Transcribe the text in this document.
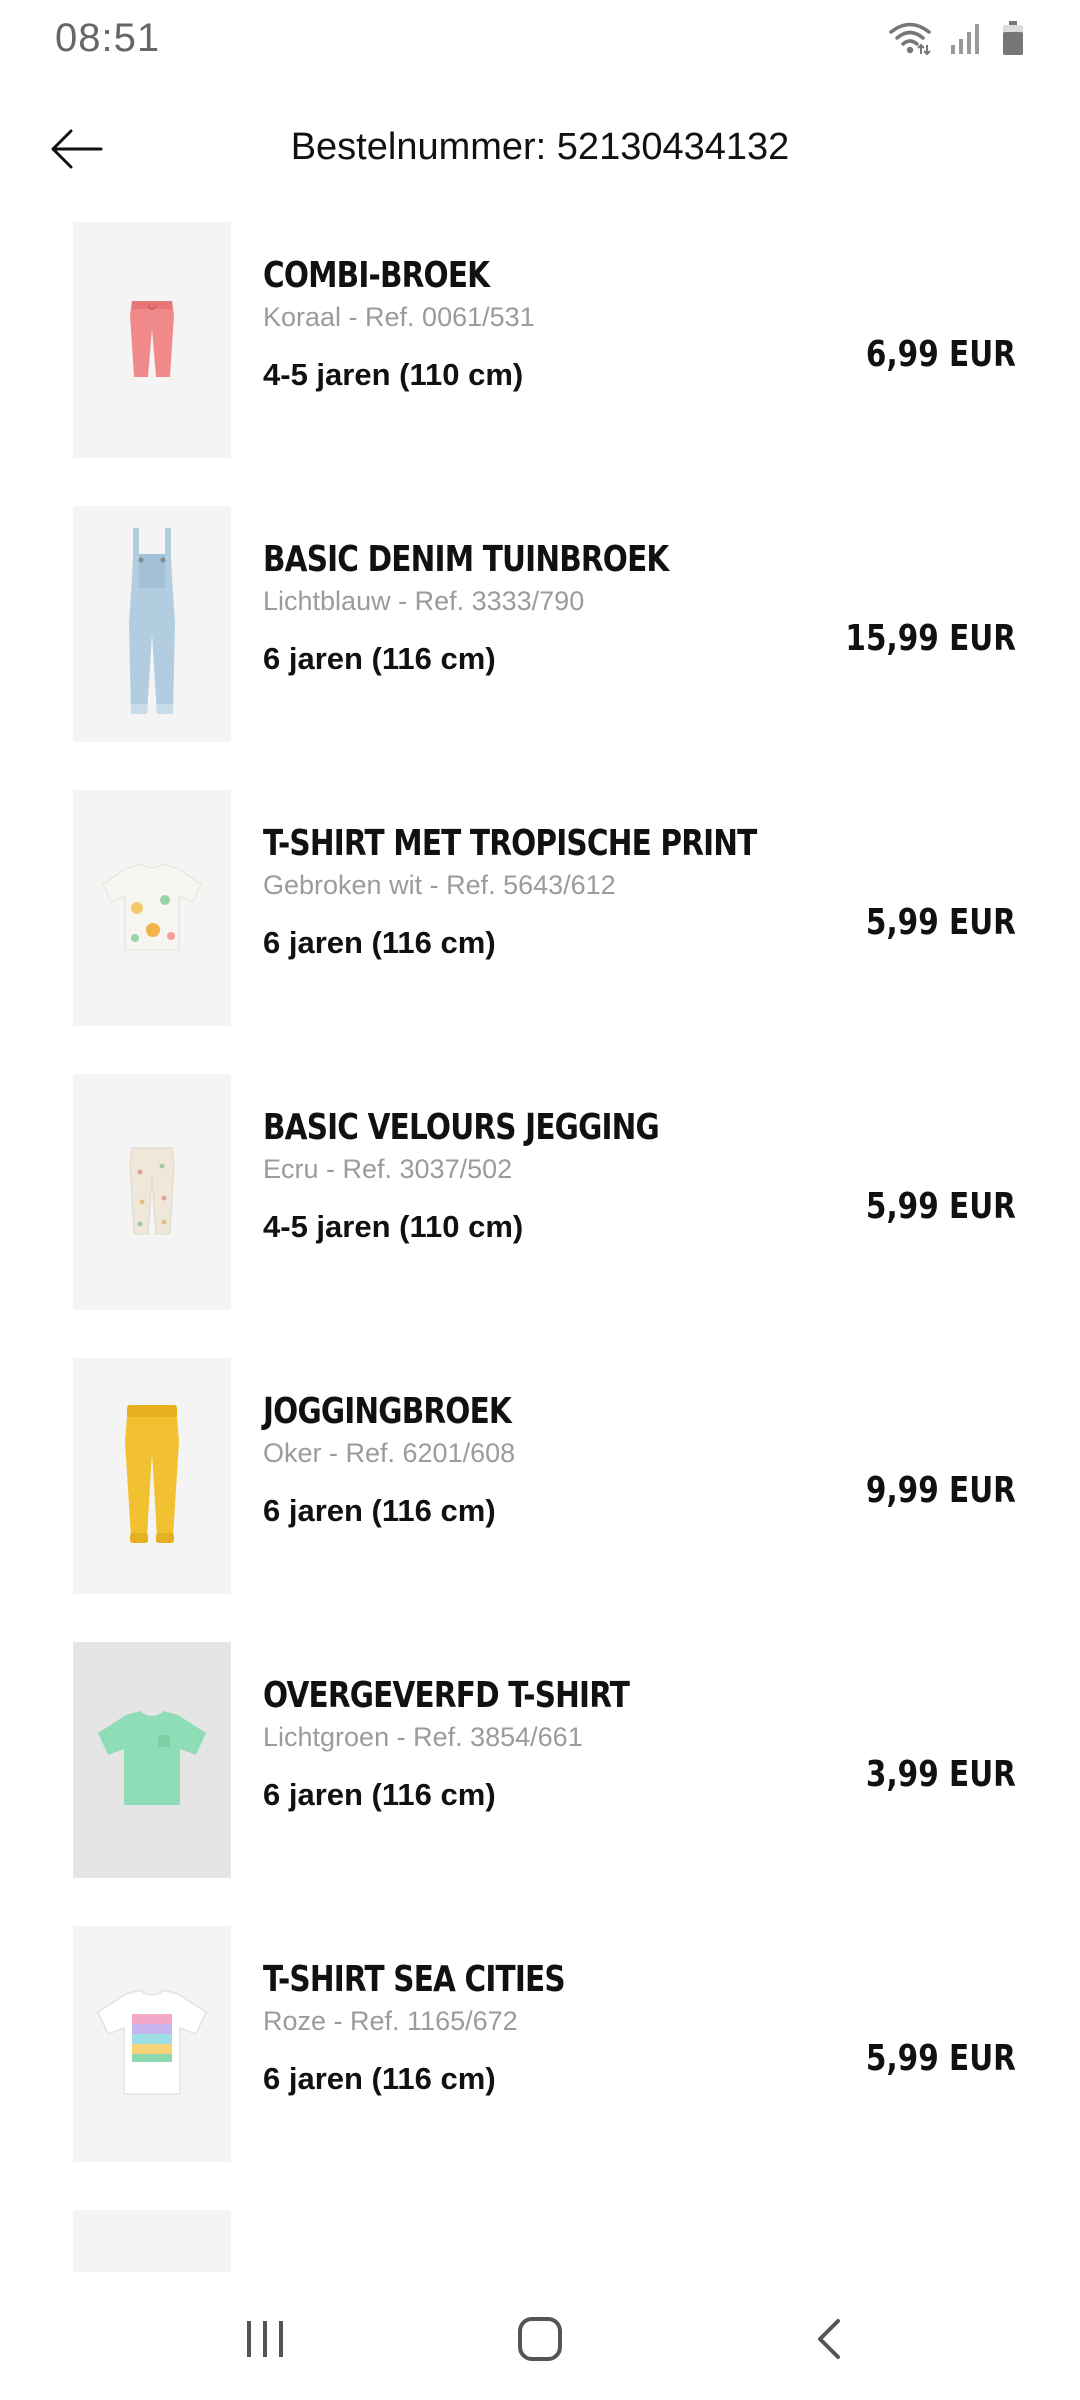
08:51
Bestelnummer: 52130434132
COMBI-BROEK
Koraal - Ref. 0061/531
4-5 jaren (110 cm)	6,99 EUR
BASIC DENIM TUINBROEK
Lichtblauw - Ref. 3333/790
6 jaren (116 cm)	15,99 EUR
T-SHIRT MET TROPISCHE PRINT
Gebroken wit - Ref. 5643/612
6 jaren (116 cm)	5,99 EUR
BASIC VELOURS JEGGING
Ecru - Ref. 3037/502
4-5 jaren (110 cm)	5,99 EUR
JOGGINGBROEK
Oker - Ref. 6201/608
6 jaren (116 cm)	9,99 EUR
OVERGEVERFD T-SHIRT
Lichtgroen - Ref. 3854/661
6 jaren (116 cm)	3,99 EUR
T-SHIRT SEA CITIES
Roze - Ref. 1165/672
6 jaren (116 cm)	5,99 EUR
